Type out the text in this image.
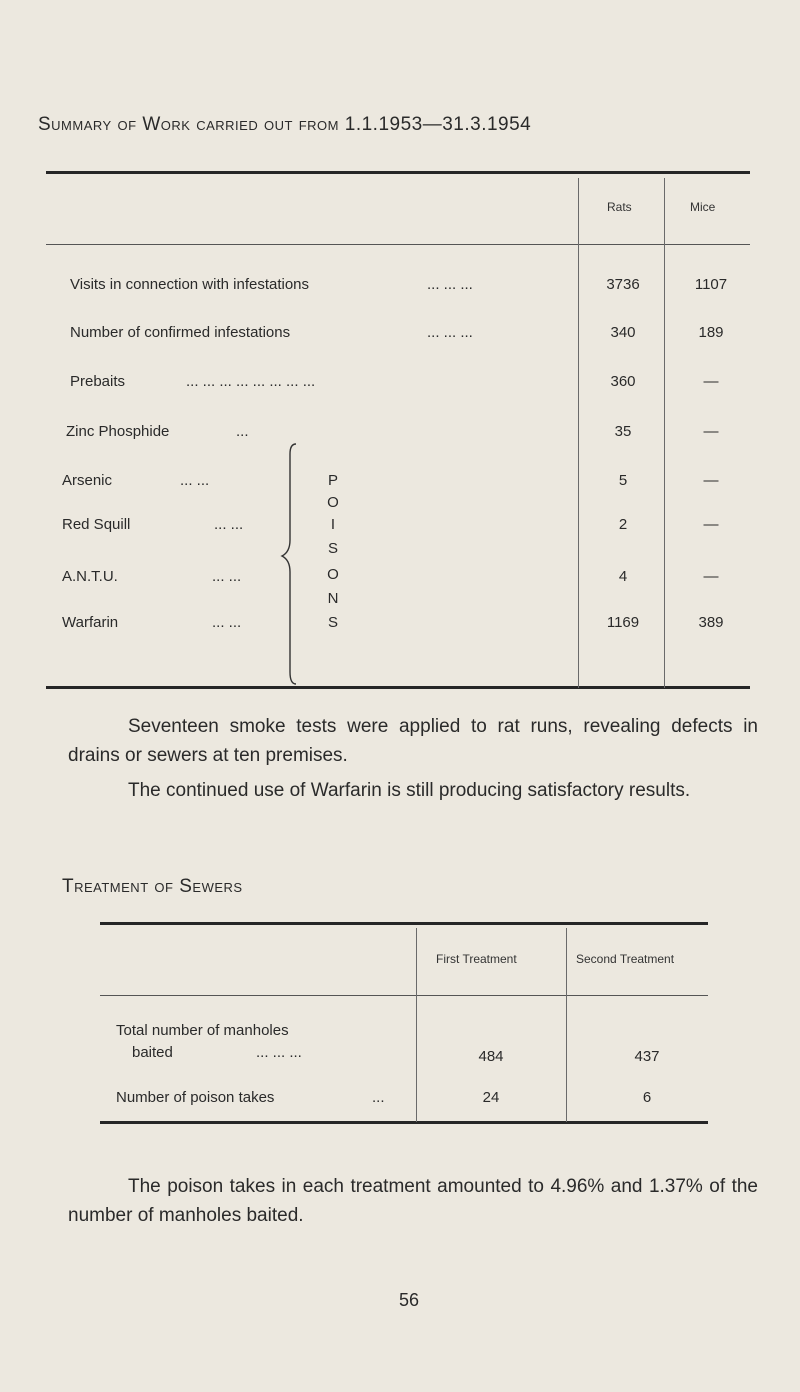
Summary of Work carried out from 1.1.1953—31.3.1954
Rats	Mice
Visits in connection with infestations	... ... ...	3736	1107
Number of confirmed infestations	... ... ...	340	189
Prebaits	... ... ... ... ... ... ... ...	360	—
Zinc Phosphide	...	35	—
Arsenic	... ...	5	—
Red Squill	... ...	2	—
A.N.T.U.	... ...	4	—
Warfarin	... ...	1169	389
P
O
I
S
O
N
S
Seventeen smoke tests were applied to rat runs, revealing defects in drains or sewers at ten premises.
The continued use of Warfarin is still producing satisfactory results.
Treatment of Sewers
First Treatment	Second Treatment
Total number of manholes
baited	... ... ...	484	437
Number of poison takes	...	24	6
The poison takes in each treatment amounted to 4.96% and 1.37% of the number of manholes baited.
56
